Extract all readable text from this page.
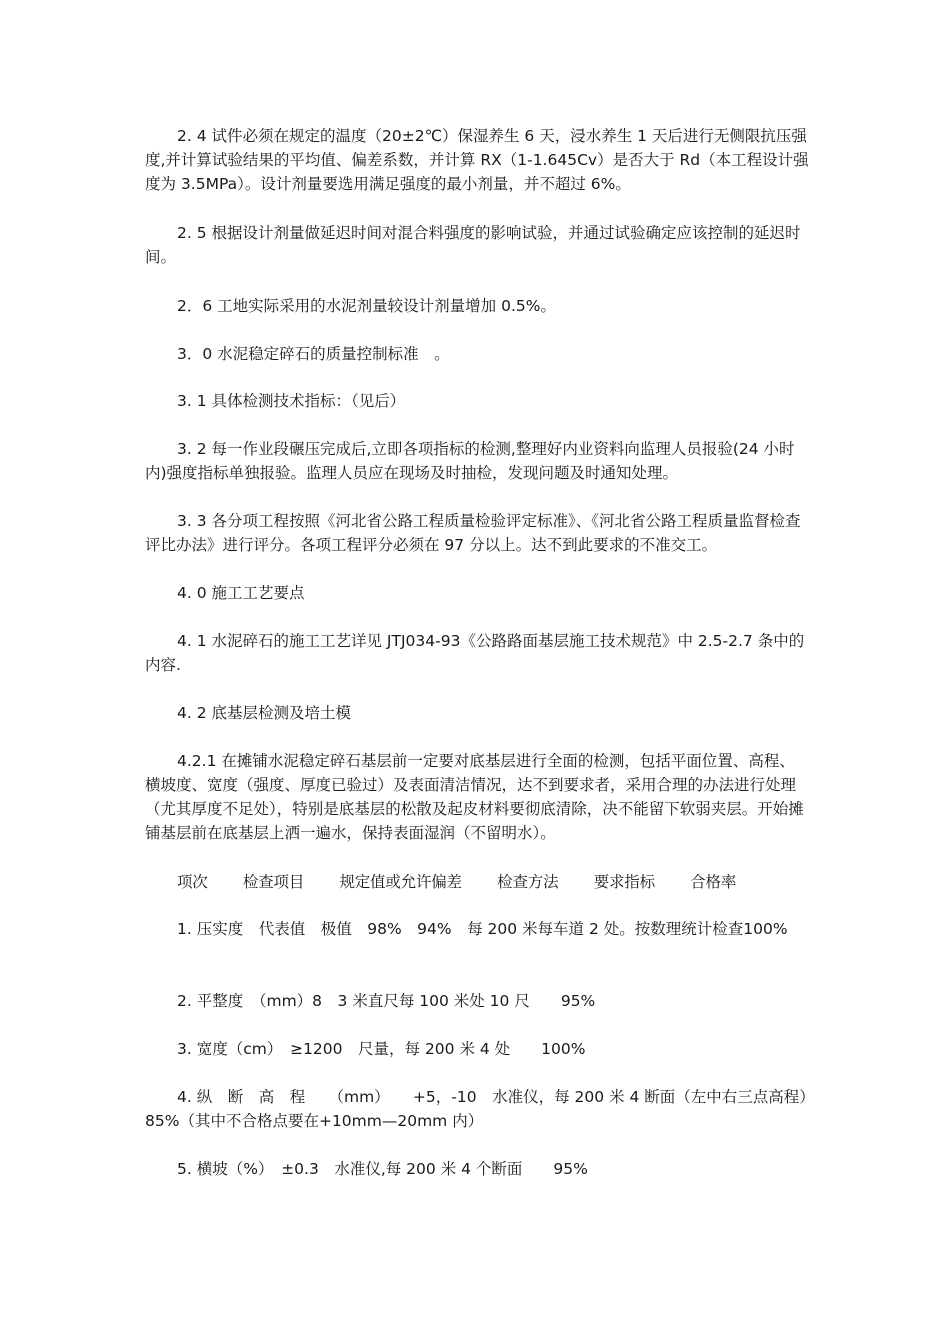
2. 4 试件必须在规定的温度（20±2℃）保湿养生 6 天，浸水养生 1 天后进行无侧限抗压强度,并计算试验结果的平均值、偏差系数，并计算 RX（1-1.645Cv）是否大于 Rd（本工程设计强度为 3.5MPa）。设计剂量要选用满足强度的最小剂量，并不超过 6%。

2. 5 根据设计剂量做延迟时间对混合料强度的影响试验，并通过试验确定应该控制的延迟时间。

2．6 工地实际采用的水泥剂量较设计剂量增加 0.5%。

3．0 水泥稳定碎石的质量控制标准　。

3. 1 具体检测技术指标：（见后）

3. 2 每一作业段碾压完成后,立即各项指标的检测,整理好内业资料向监理人员报验(24 小时内)强度指标单独报验。监理人员应在现场及时抽检，发现问题及时通知处理。

3. 3 各分项工程按照《河北省公路工程质量检验评定标准》、《河北省公路工程质量监督检查评比办法》进行评分。各项工程评分必须在 97 分以上。达不到此要求的不准交工。

4. 0 施工工艺要点

4. 1 水泥碎石的施工工艺详见 JTJ034-93《公路路面基层施工技术规范》中 2.5-2.7 条中的内容.

4. 2 底基层检测及培土模

4.2.1 在摊铺水泥稳定碎石基层前一定要对底基层进行全面的检测，包括平面位置、高程、横坡度、宽度（强度、厚度已验过）及表面清洁情况，达不到要求者，采用合理的办法进行处理（尤其厚度不足处），特别是底基层的松散及起皮材料要彻底清除，决不能留下软弱夹层。开始摊铺基层前在底基层上洒一遍水，保持表面湿润（不留明水）。

项次　　 检查项目　　 规定值或允许偏差　　 检查方法　　 要求指标　　 合格率

1. 压实度　代表值　极值　98%　94%　每 200 米每车道 2 处。按数理统计检查100%

2. 平整度　（mm）8　3 米直尺每 100 米处 10 尺　　95%

3. 宽度（cm）　≥1200　尺量，每 200 米 4 处　　100%

4. 纵　断　高　程　　（mm）　　+5，-10　水准仪，每 200 米 4 断面（左中右三点高程）　　85%（其中不合格点要在+10mm—20mm 内）

5. 横坡（%）　±0.3　水准仪,每 200 米 4 个断面　　95%
